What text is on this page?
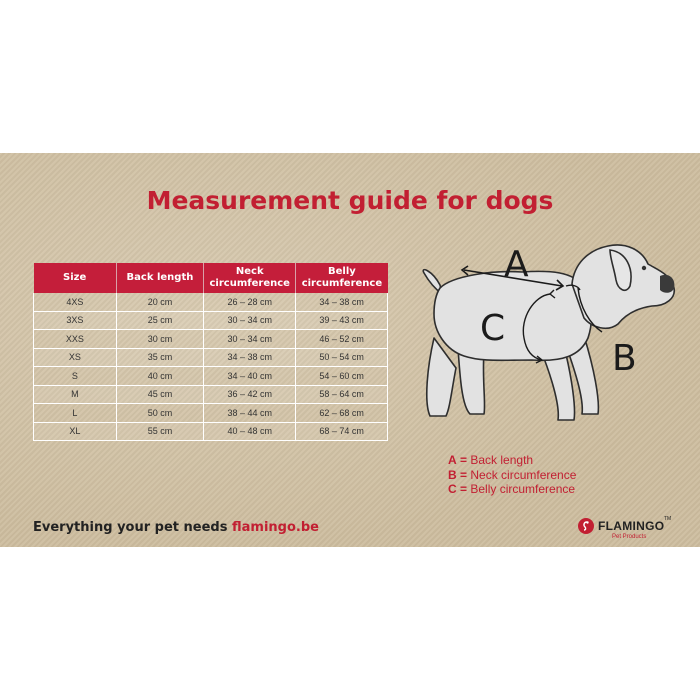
Measurement guide for dogs
Size	Back length	Neck circumference	Belly circumference
4XS	20 cm	26 – 28 cm	34 – 38 cm
3XS	25 cm	30 – 34 cm	39 – 43 cm
XXS	30 cm	30 – 34 cm	46 – 52 cm
XS	35 cm	34 – 38 cm	50 – 54 cm
S	40 cm	34 – 40 cm	54 – 60 cm
M	45 cm	36 – 42 cm	58 – 64 cm
L	50 cm	38 – 44 cm	62 – 68 cm
XL	55 cm	40 – 48 cm	68 – 74 cm
A
B
C
A = Back length
B = Neck circumference
C = Belly circumference
Everything your pet needs flamingo.be	FLAMINGO TM
Pet Products
